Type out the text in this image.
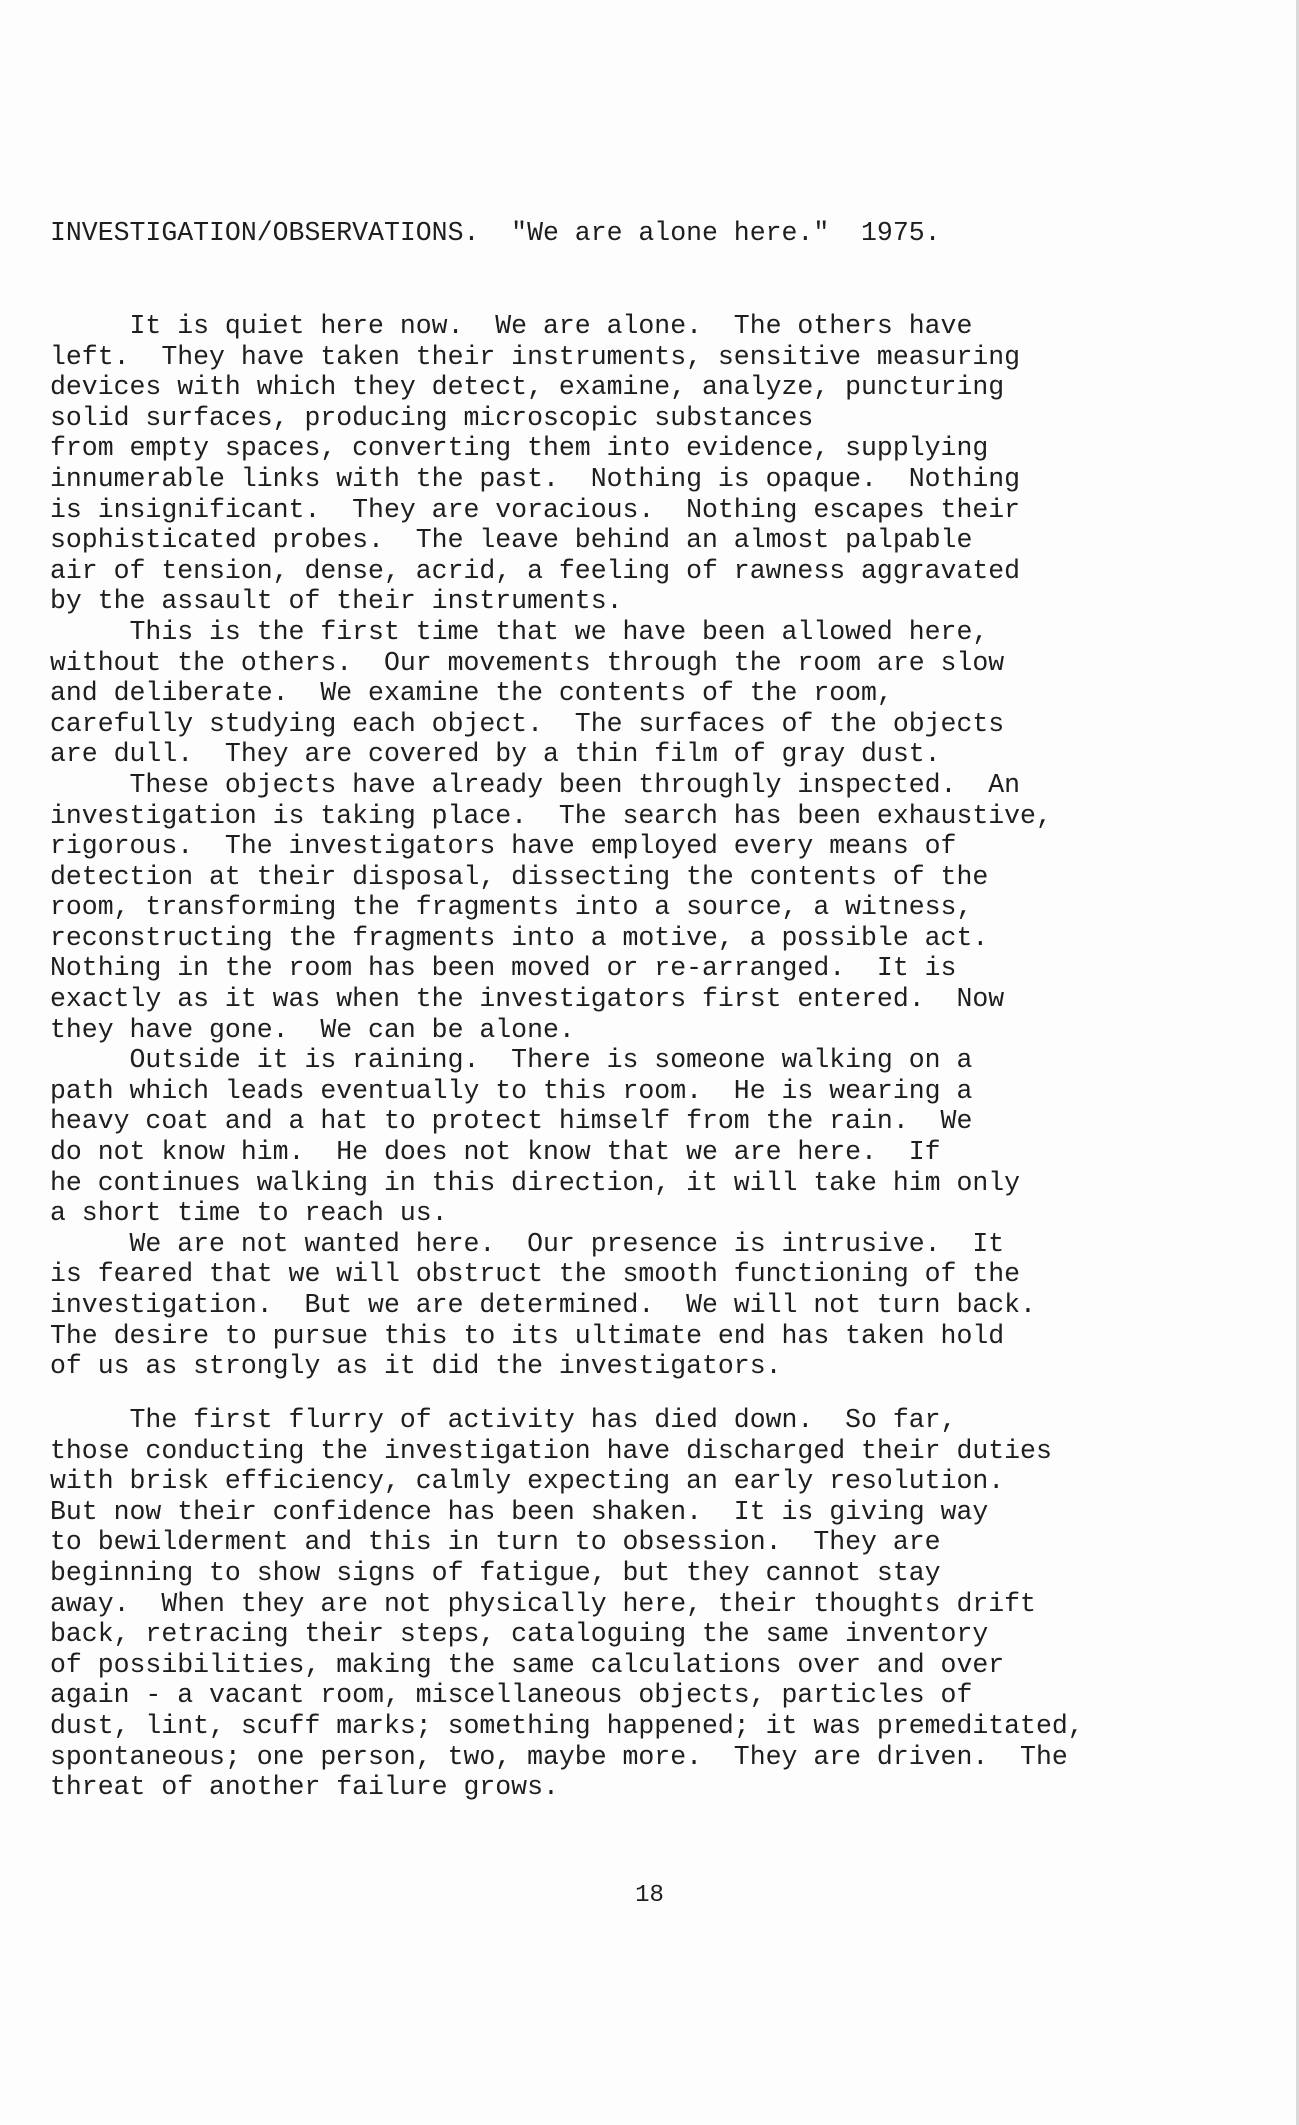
INVESTIGATION/OBSERVATIONS.  "We are alone here."  1975.

It is quiet here now.  We are alone.  The others have
left.  They have taken their instruments, sensitive measuring
devices with which they detect, examine, analyze, puncturing
solid surfaces, producing microscopic substances
from empty spaces, converting them into evidence, supplying
innumerable links with the past.  Nothing is opaque.  Nothing
is insignificant.  They are voracious.  Nothing escapes their
sophisticated probes.  The leave behind an almost palpable
air of tension, dense, acrid, a feeling of rawness aggravated
by the assault of their instruments.
This is the first time that we have been allowed here,
without the others.  Our movements through the room are slow
and deliberate.  We examine the contents of the room,
carefully studying each object.  The surfaces of the objects
are dull.  They are covered by a thin film of gray dust.
These objects have already been throughly inspected.  An
investigation is taking place.  The search has been exhaustive,
rigorous.  The investigators have employed every means of
detection at their disposal, dissecting the contents of the
room, transforming the fragments into a source, a witness,
reconstructing the fragments into a motive, a possible act.
Nothing in the room has been moved or re-arranged.  It is
exactly as it was when the investigators first entered.  Now
they have gone.  We can be alone.
Outside it is raining.  There is someone walking on a
path which leads eventually to this room.  He is wearing a
heavy coat and a hat to protect himself from the rain.  We
do not know him.  He does not know that we are here.  If
he continues walking in this direction, it will take him only
a short time to reach us.
We are not wanted here.  Our presence is intrusive.  It
is feared that we will obstruct the smooth functioning of the
investigation.  But we are determined.  We will not turn back.
The desire to pursue this to its ultimate end has taken hold
of us as strongly as it did the investigators.
The first flurry of activity has died down.  So far,
those conducting the investigation have discharged their duties
with brisk efficiency, calmly expecting an early resolution.
But now their confidence has been shaken.  It is giving way
to bewilderment and this in turn to obsession.  They are
beginning to show signs of fatigue, but they cannot stay
away.  When they are not physically here, their thoughts drift
back, retracing their steps, cataloguing the same inventory
of possibilities, making the same calculations over and over
again - a vacant room, miscellaneous objects, particles of
dust, lint, scuff marks; something happened; it was premeditated,
spontaneous; one person, two, maybe more.  They are driven.  The
threat of another failure grows.

18
